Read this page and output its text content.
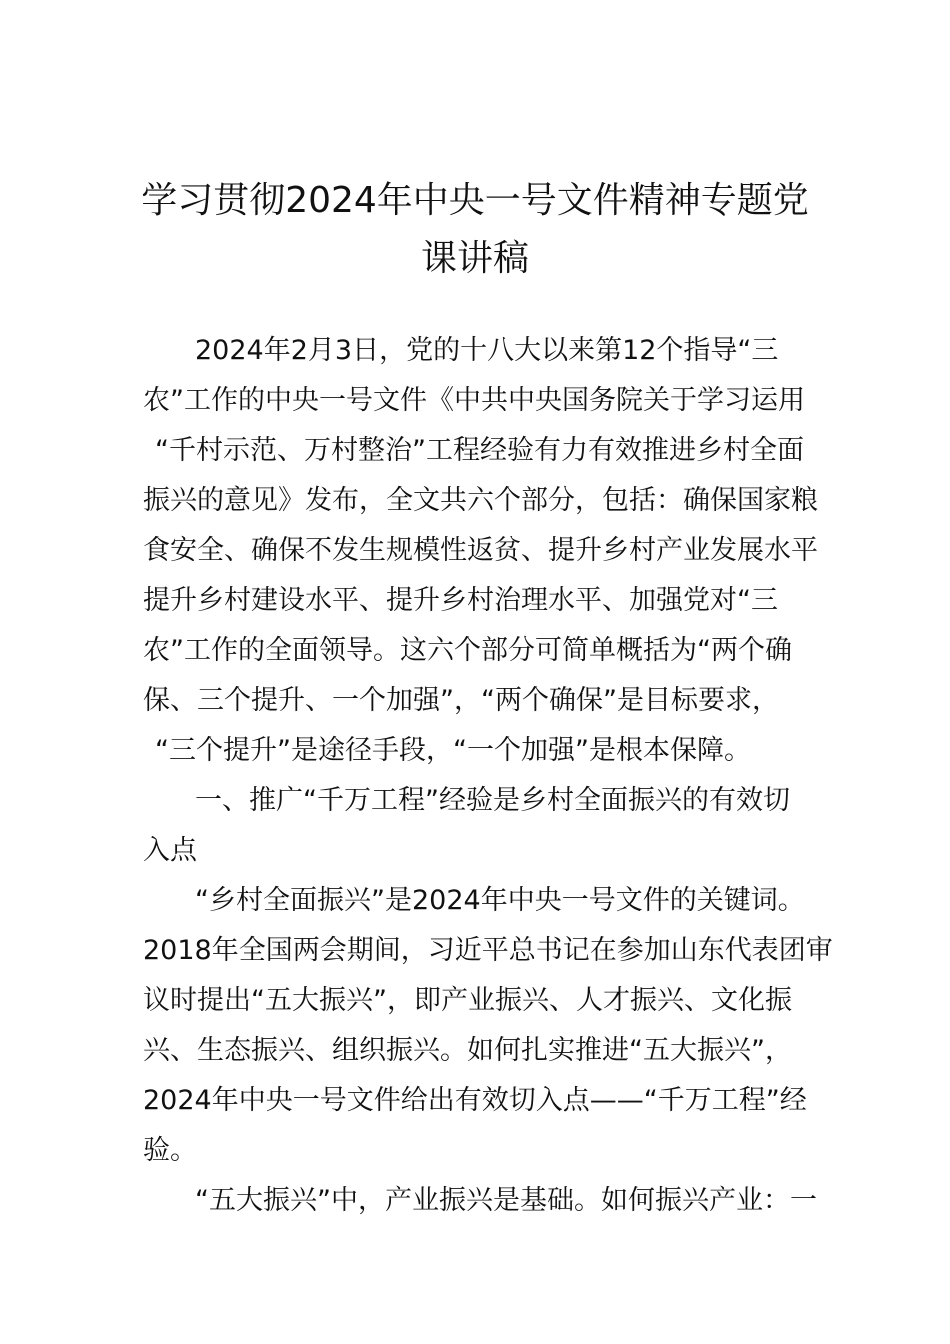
学习贯彻2024年中央一号文件精神专题党
课讲稿
2024年2月3日，党的十八大以来第12个指导“三
农”工作的中央一号文件《中共中央国务院关于学习运用
“千村示范、万村整治”工程经验有力有效推进乡村全面
振兴的意见》发布，全文共六个部分，包括：确保国家粮
食安全、确保不发生规模性返贫、提升乡村产业发展水平
提升乡村建设水平、提升乡村治理水平、加强党对“三
农”工作的全面领导。这六个部分可简单概括为“两个确
保、三个提升、一个加强”，“两个确保”是目标要求，
“三个提升”是途径手段，“一个加强”是根本保障。
一、推广“千万工程”经验是乡村全面振兴的有效切
入点
“乡村全面振兴”是2024年中央一号文件的关键词。
2018年全国两会期间，习近平总书记在参加山东代表团审
议时提出“五大振兴”，即产业振兴、人才振兴、文化振
兴、生态振兴、组织振兴。如何扎实推进“五大振兴”，
2024年中央一号文件给出有效切入点——“千万工程”经
验。
“五大振兴”中，产业振兴是基础。如何振兴产业：一
